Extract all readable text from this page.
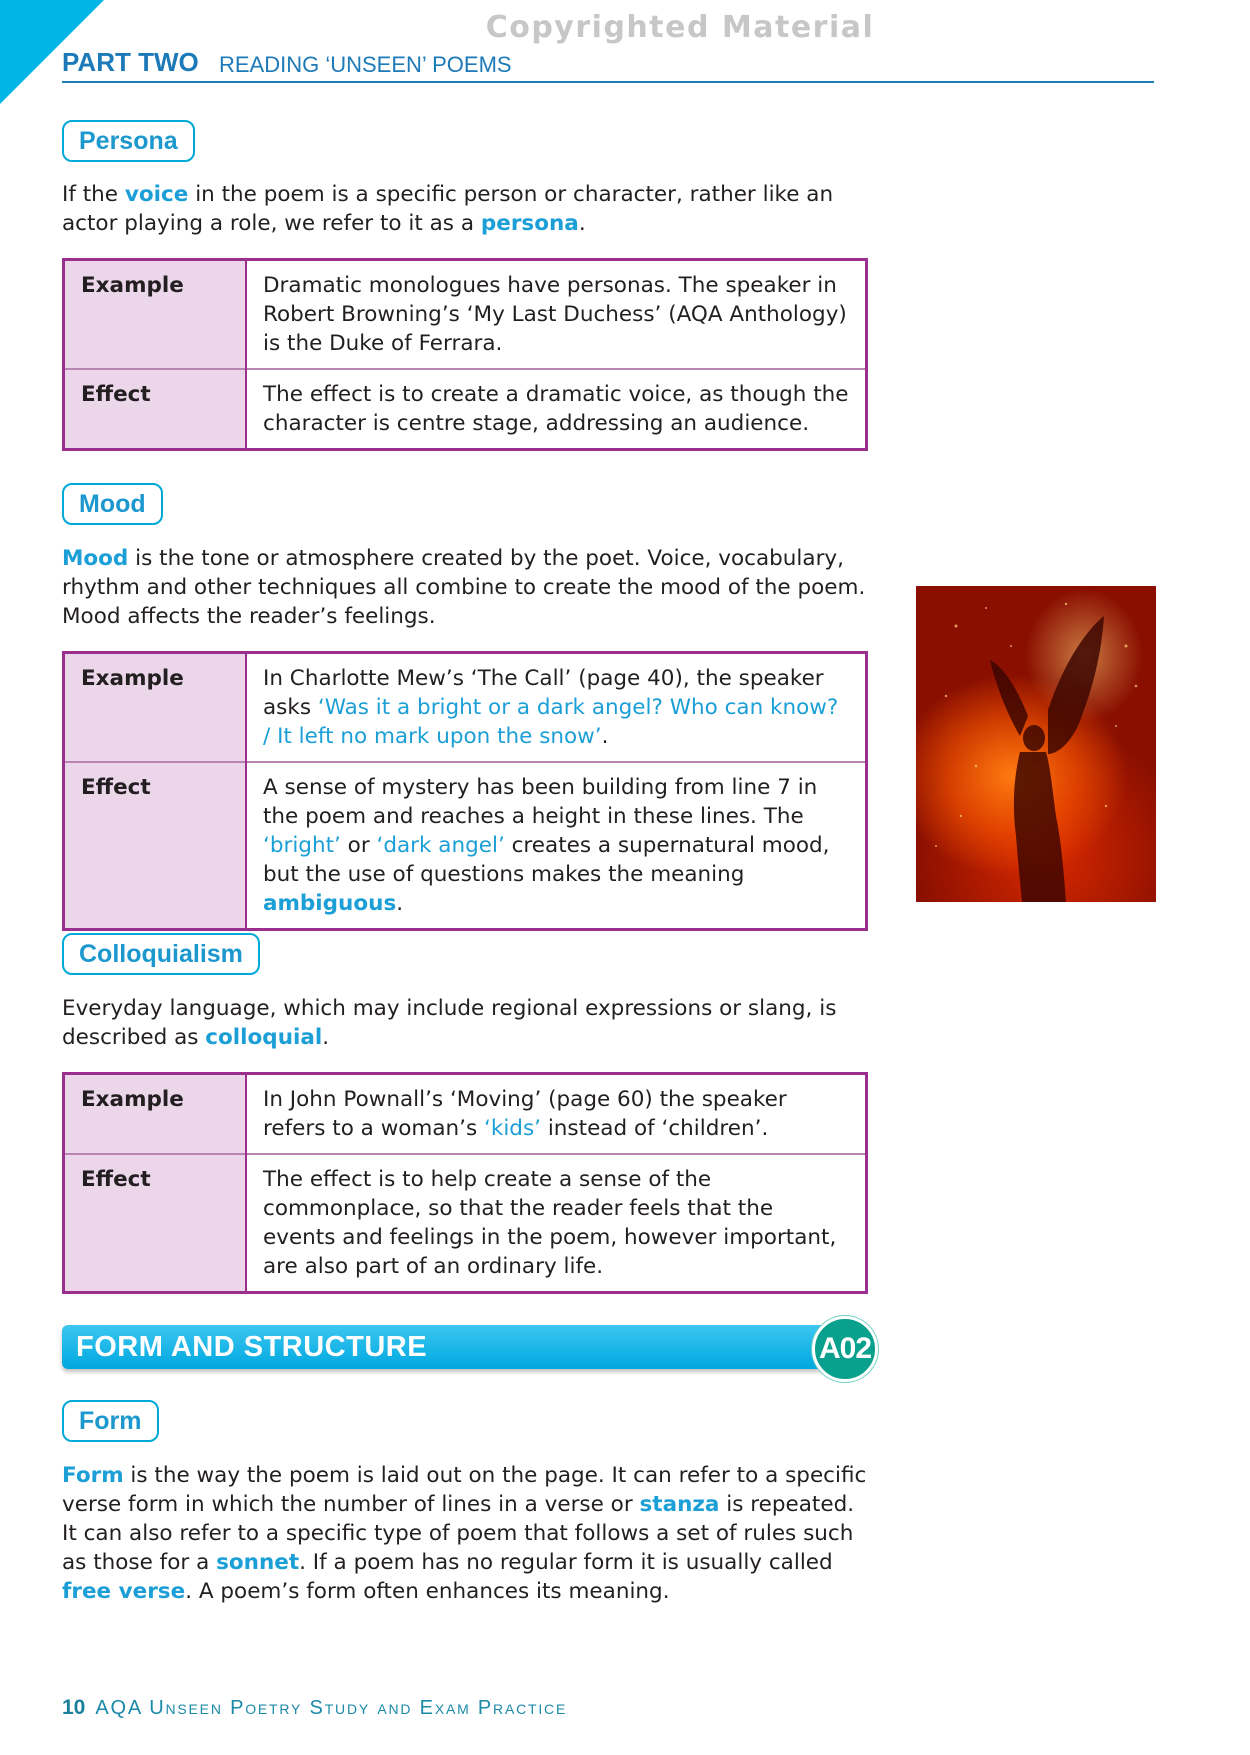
Copyrighted Material
PART TWO READING ‘UNSEEN’ POEMS
Persona

If the voice in the poem is a specific person or character, rather like an actor playing a role, we refer to it as a persona.

Example	Dramatic monologues have personas. The speaker in Robert Browning’s ‘My Last Duchess’ (AQA Anthology) is the Duke of Ferrara.
Effect	The effect is to create a dramatic voice, as though the character is centre stage, addressing an audience.
Mood

Mood is the tone or atmosphere created by the poet. Voice, vocabulary, rhythm and other techniques all combine to create the mood of the poem. Mood affects the reader’s feelings.

Example	In Charlotte Mew’s ‘The Call’ (page 40), the speaker asks ‘Was it a bright or a dark angel? Who can know? / It left no mark upon the snow’.
Effect	A sense of mystery has been building from line 7 in the poem and reaches a height in these lines. The ‘bright’ or ‘dark angel’ creates a supernatural mood, but the use of questions makes the meaning ambiguous.
Colloquialism

Everyday language, which may include regional expressions or slang, is described as colloquial.

Example	In John Pownall’s ‘Moving’ (page 60) the speaker refers to a woman’s ‘kids’ instead of ‘children’.
Effect	The effect is to help create a sense of the commonplace, so that the reader feels that the events and feelings in the poem, however important, are also part of an ordinary life.
FORM AND STRUCTURE	A02
Form

Form is the way the poem is laid out on the page. It can refer to a specific verse form in which the number of lines in a verse or stanza is repeated. It can also refer to a specific type of poem that follows a set of rules such as those for a sonnet. If a poem has no regular form it is usually called free verse. A poem’s form often enhances its meaning.

10 AQA Unseen Poetry Study and Exam Practice
